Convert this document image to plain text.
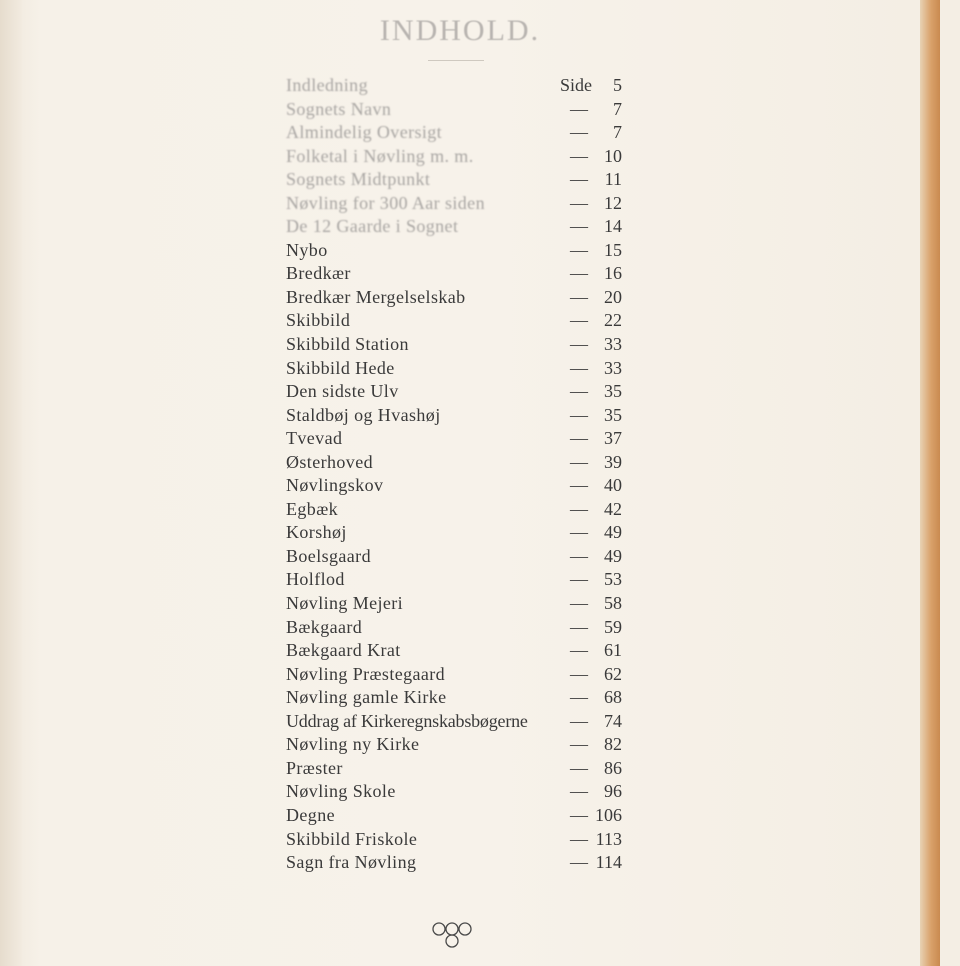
INDHOLD.
Indledning	Side 5
Sognets Navn	— 7
Almindelig Oversigt	— 7
Folketal i Nøvling m. m.	— 10
Sognets Midtpunkt	— 11
Nøvling for 300 Aar siden	— 12
De 12 Gaarde i Sognet	— 14
Nybo	— 15
Bredkær	— 16
Bredkær Mergelselskab	— 20
Skibbild	— 22
Skibbild Station	— 33
Skibbild Hede	— 33
Den sidste Ulv	— 35
Staldbøj og Hvashøj	— 35
Tvevad	— 37
Østerhoved	— 39
Nøvlingskov	— 40
Egbæk	— 42
Korshøj	— 49
Boelsgaard	— 49
Holflod	— 53
Nøvling Mejeri	— 58
Bækgaard	— 59
Bækgaard Krat	— 61
Nøvling Præstegaard	— 62
Nøvling gamle Kirke	— 68
Uddrag af Kirkeregnskabsbøgerne — 74
Nøvling ny Kirke	— 82
Præster	— 86
Nøvling Skole	— 96
Degne	— 106
Skibbild Friskole	— 113
Sagn fra Nøvling	— 114
